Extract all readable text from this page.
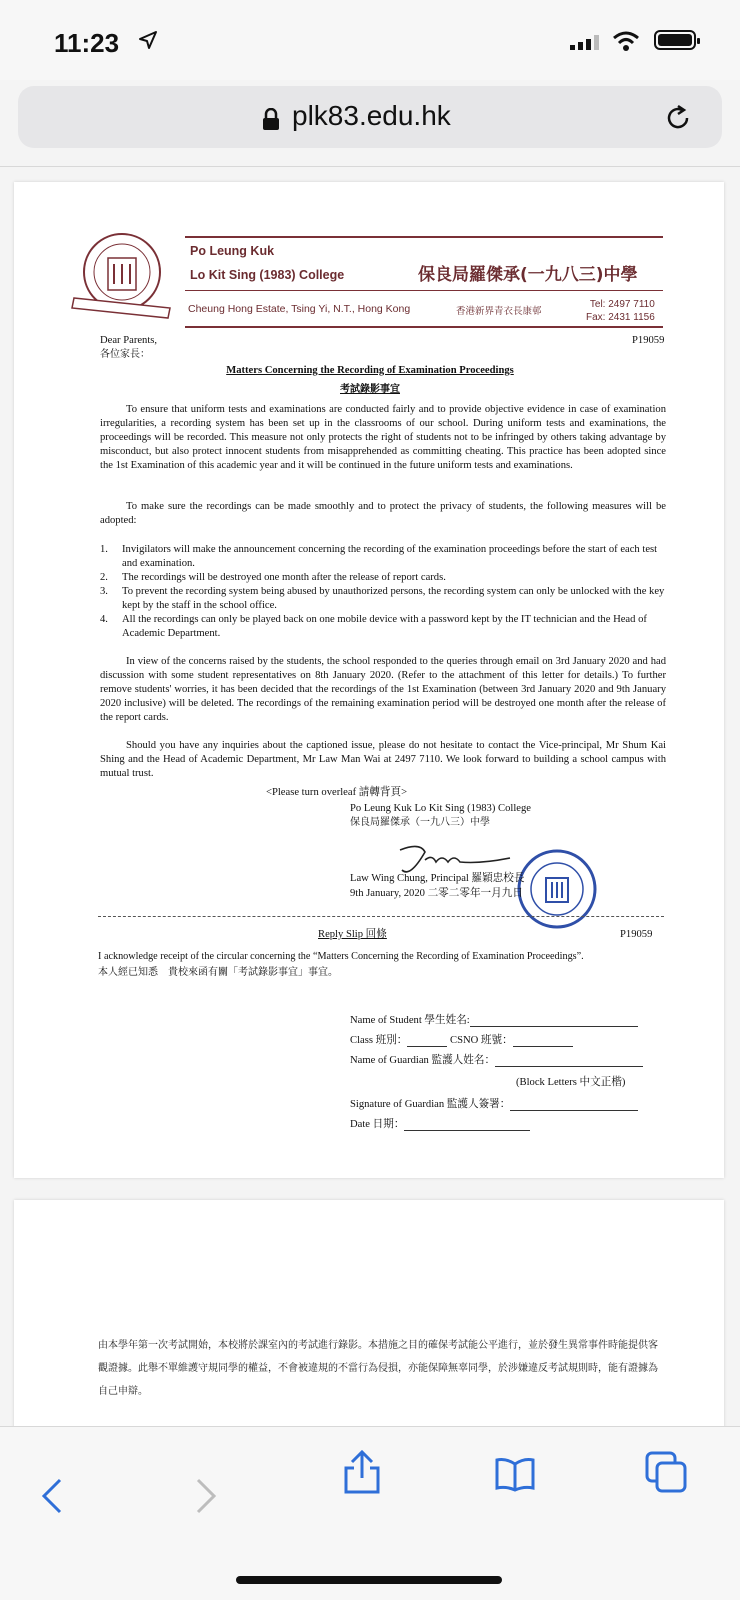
11:23
plk83.edu.hk
Po Leung Kuk
Lo Kit Sing (1983) College	保良局羅傑承(一九八三)中學
Cheung Hong Estate, Tsing Yi, N.T., Hong Kong	香港新界青衣長康邨
Tel: 2497 7110
Fax: 2431 1156
Dear Parents,
各位家長：
P19059
Matters Concerning the Recording of Examination Proceedings
考試錄影事宜
To ensure that uniform tests and examinations are conducted fairly and to provide objective evidence in case of examination irregularities, a recording system has been set up in the classrooms of our school. During uniform tests and examinations, the proceedings will be recorded. This measure not only protects the right of students not to be infringed by others taking advantage by misconduct, but also protect innocent students from misapprehended as committing cheating. This practice has been adopted since the 1st Examination of this academic year and it will be continued in the future uniform tests and examinations.
To make sure the recordings can be made smoothly and to protect the privacy of students, the following measures will be adopted:
1. Invigilators will make the announcement concerning the recording of the examination proceedings before the start of each test and examination.
2. The recordings will be destroyed one month after the release of report cards.
3. To prevent the recording system being abused by unauthorized persons, the recording system can only be unlocked with the key kept by the staff in the school office.
4. All the recordings can only be played back on one mobile device with a password kept by the IT technician and the Head of Academic Department.
In view of the concerns raised by the students, the school responded to the queries through email on 3rd January 2020 and had discussion with some student representatives on 8th January 2020. (Refer to the attachment of this letter for details.) To further remove students' worries, it has been decided that the recordings of the 1st Examination (between 3rd January 2020 and 9th January 2020 inclusive) will be deleted. The recordings of the remaining examination period will be destroyed one month after the release of the report cards.
Should you have any inquiries about the captioned issue, please do not hesitate to contact the Vice-principal, Mr Shum Kai Shing and the Head of Academic Department, Mr Law Man Wai at 2497 7110. We look forward to building a school campus with mutual trust.
<Please turn overleaf 請轉背頁>
Po Leung Kuk Lo Kit Sing (1983) College
保良局羅傑承（一九八三）中學
Law Wing Chung, Principal 羅穎忠校長
9th January, 2020 二零二零年一月九日
Reply Slip 回條	P19059
I acknowledge receipt of the circular concerning the “Matters Concerning the Recording of Examination Proceedings”.
本人經已知悉　貴校來函有關「考試錄影事宜」事宜。
Name of Student 學生姓名:
Class 班別：	CSNO 班號：
Name of Guardian 監護人姓名：
(Block Letters 中文正楷)
Signature of Guardian 監護人簽署：
Date 日期：
由本學年第一次考試開始，本校將於課室內的考試進行錄影。本措施之目的確保考試能公平進行，並於發生異常事件時能提供客觀證據。此舉不單維護守規同學的權益，不會被違規的不當行為侵損，亦能保障無辜同學，於涉嫌違反考試規則時，能有證據為自己申辯。
